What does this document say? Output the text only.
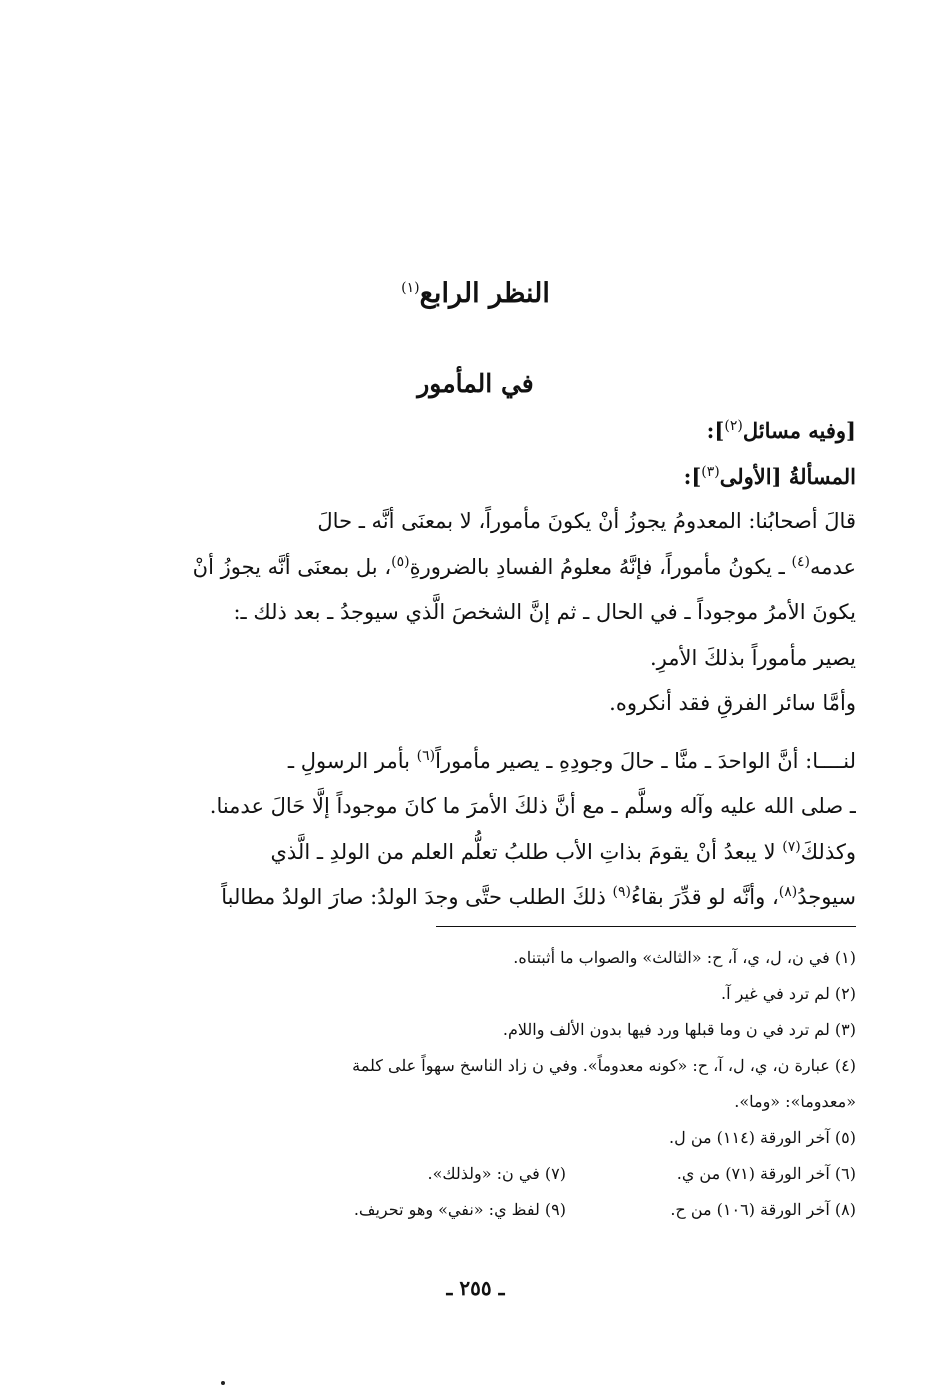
النظر الرابع$^{(١)}$
في المأمور
[وفيه مسائل$^{(٢)}$]:
المسألةُ [الأولى$^{(٣)}$]:
قالَ أصحابُنا: المعدومُ يجوزُ أنْ يكونَ مأموراً، لا بمعنَى أنَّه ـ حالَ
عدمه$^{(٤)}$ ـ يكونُ مأموراً، فإنَّهُ معلومُ الفسادِ بالضرورةِ$^{(٥)}$، بل بمعنَى أنَّه يجوزُ أنْ
يكونَ الأمرُ موجوداً ـ في الحال ـ ثم إنَّ الشخصَ الَّذي سيوجدُ ـ بعد ذلك ـ:
يصير مأموراً بذلكَ الأمرِ.
وأمَّا سائر الفرقِ فقد أنكروه.
لنــــا: أنَّ الواحدَ ـ منَّا ـ حالَ وجودِهِ ـ يصير مأموراً$^{(٦)}$ بأمر الرسولِ ـ
ـ صلى الله عليه وآله وسلَّم ـ مع أنَّ ذلكَ الأمرَ ما كانَ موجوداً إلَّا حَالَ عدمنا.
وكذلكَ$^{(٧)}$ لا يبعدُ أنْ يقومَ بذاتِ الأب طلبُ تعلُّم العلم من الولدِ ـ الَّذي
سيوجدُ$^{(٨)}$، وأنَّه لو قدِّرَ بقاءُ$^{(٩)}$ ذلكَ الطلب حتَّى وجدَ الولدُ: صارَ الولدُ مطالباً
(١) في ن، ل، ي، آ، ح: «الثالث» والصواب ما أثبتناه.
(٢) لم ترد في غير آ.
(٣) لم ترد في ن وما قبلها ورد فيها بدون الألف واللام.
(٤) عبارة ن، ي، ل، آ، ح: «كونه معدوماً». وفي ن زاد الناسخ سهواً على كلمة
«معدوما»: «وما».
(٥) آخر الورقة (١١٤) من ل.
(٦) آخر الورقة (٧١) من ي.
(٧) في ن: «ولذلك».
(٨) آخر الورقة (١٠٦) من ح.
(٩) لفظ ي: «نفي» وهو تحريف.
ـ ٢٥٥ ـ
